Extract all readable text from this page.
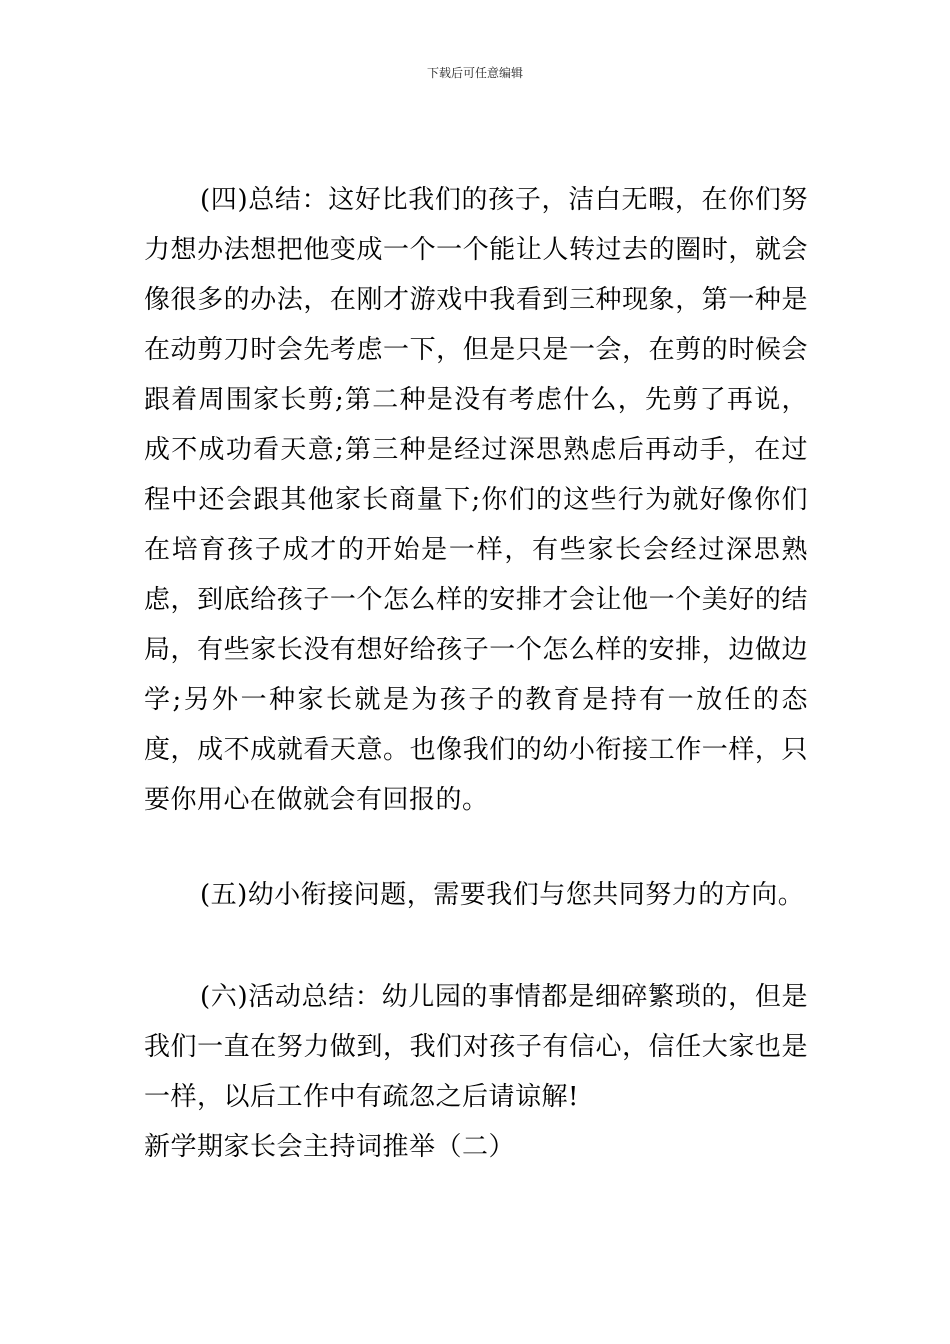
下载后可任意编辑

(四)总结：这好比我们的孩子，洁白无暇，在你们努力想办法想把他变成一个一个能让人转过去的圈时，就会像很多的办法，在刚才游戏中我看到三种现象，第一种是在动剪刀时会先考虑一下，但是只是一会，在剪的时候会跟着周围家长剪;第二种是没有考虑什么，先剪了再说，成不成功看天意;第三种是经过深思熟虑后再动手，在过程中还会跟其他家长商量下;你们的这些行为就好像你们在培育孩子成才的开始是一样，有些家长会经过深思熟虑，到底给孩子一个怎么样的安排才会让他一个美好的结局，有些家长没有想好给孩子一个怎么样的安排，边做边学;另外一种家长就是为孩子的教育是持有一放任的态度，成不成就看天意。也像我们的幼小衔接工作一样，只要你用心在做就会有回报的。

(五)幼小衔接问题，需要我们与您共同努力的方向。

(六)活动总结：幼儿园的事情都是细碎繁琐的，但是我们一直在努力做到，我们对孩子有信心，信任大家也是一样，以后工作中有疏忽之后请谅解!

新学期家长会主持词推举（二）
